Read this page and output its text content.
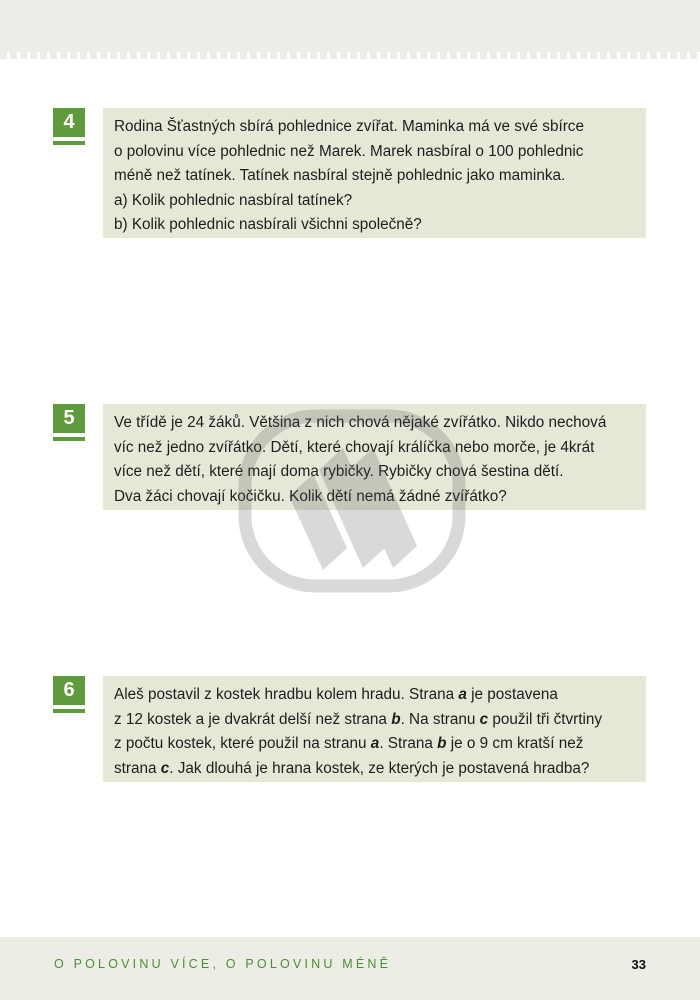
4	Rodina Šťastných sbírá pohlednice zvířat. Maminka má ve své sbírce

o polovinu více pohlednic než Marek. Marek nasbíral o 100 pohlednic

méně než tatínek. Tatínek nasbíral stejně pohlednic jako maminka.

a) Kolik pohlednic nasbíral tatínek?

b) Kolik pohlednic nasbírali všichni společně?

5	Ve třídě je 24 žáků. Většina z nich chová nějaké zvířátko. Nikdo nechová

víc než jedno zvířátko. Dětí, které chovají králíčka nebo morče, je 4krát

více než dětí, které mají doma rybičky. Rybičky chová šestina dětí.

Dva žáci chovají kočičku. Kolik dětí nemá žádné zvířátko?

6	Aleš postavil z kostek hradbu kolem hradu. Strana a je postavena

z 12 kostek a je dvakrát delší než strana b. Na stranu c použil tři čtvrtiny

z počtu kostek, které použil na stranu a. Strana b je o 9 cm kratší než

strana c. Jak dlouhá je hrana kostek, ze kterých je postavená hradba?

O POLOVINU VÍCE, O POLOVINU MÉNĚ	33
